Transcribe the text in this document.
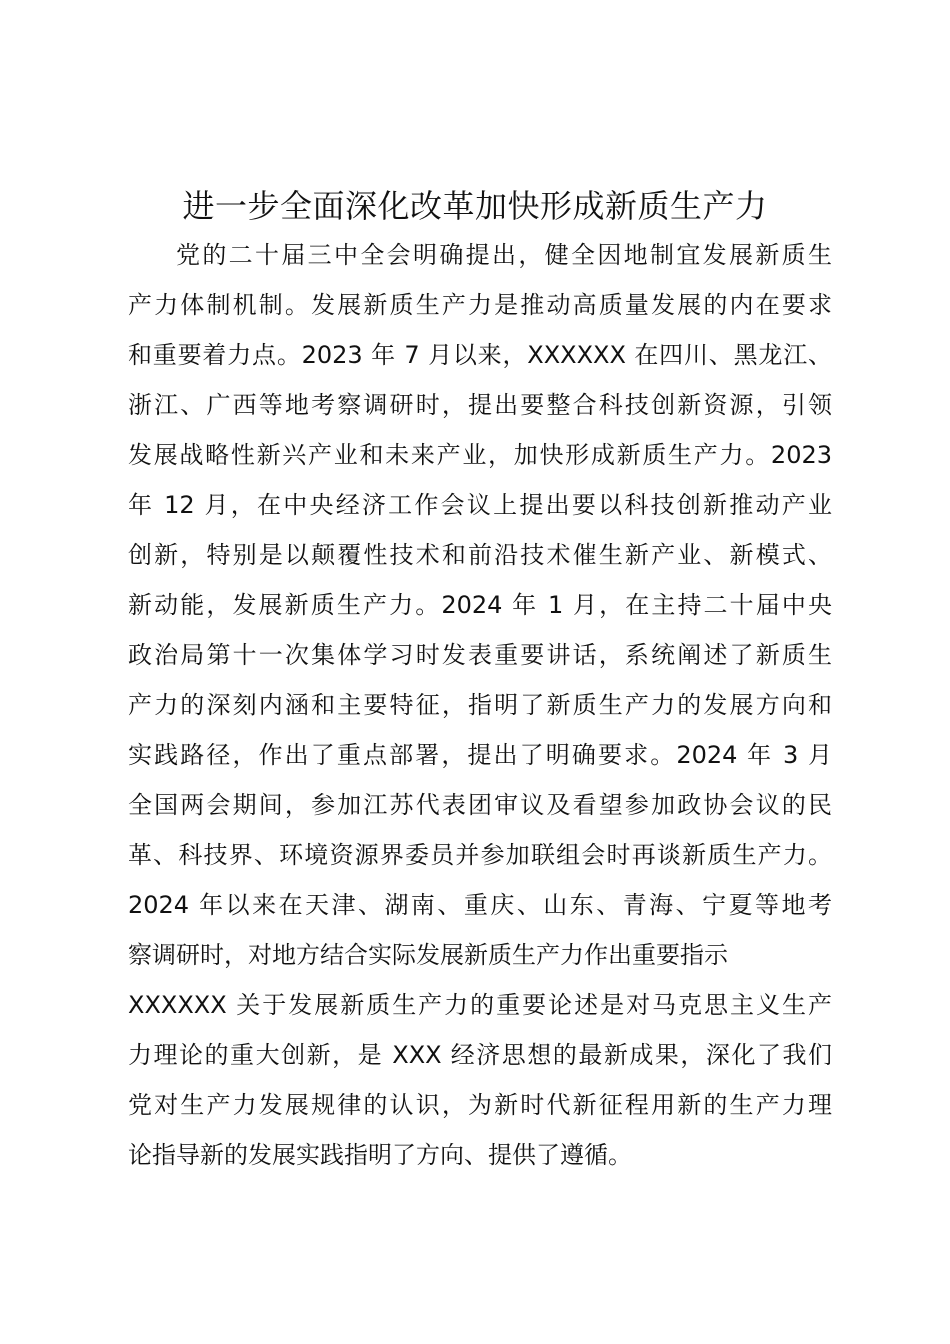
进一步全面深化改革加快形成新质生产力
党的二十届三中全会明确提出，健全因地制宜发展新质生
产力体制机制。发展新质生产力是推动高质量发展的内在要求
和重要着力点。2023 年 7 月以来，XXXXXX 在四川、黑龙江、
浙江、广西等地考察调研时，提出要整合科技创新资源，引领
发展战略性新兴产业和未来产业，加快形成新质生产力。2023
年 12 月，在中央经济工作会议上提出要以科技创新推动产业
创新，特别是以颠覆性技术和前沿技术催生新产业、新模式、
新动能，发展新质生产力。2024 年 1 月，在主持二十届中央
政治局第十一次集体学习时发表重要讲话，系统阐述了新质生
产力的深刻内涵和主要特征，指明了新质生产力的发展方向和
实践路径，作出了重点部署，提出了明确要求。2024 年 3 月
全国两会期间，参加江苏代表团审议及看望参加政协会议的民
革、科技界、环境资源界委员并参加联组会时再谈新质生产力。
2024 年以来在天津、湖南、重庆、山东、青海、宁夏等地考
察调研时，对地方结合实际发展新质生产力作出重要指示
XXXXXX 关于发展新质生产力的重要论述是对马克思主义生产
力理论的重大创新，是 XXX 经济思想的最新成果，深化了我们
党对生产力发展规律的认识，为新时代新征程用新的生产力理
论指导新的发展实践指明了方向、提供了遵循。
